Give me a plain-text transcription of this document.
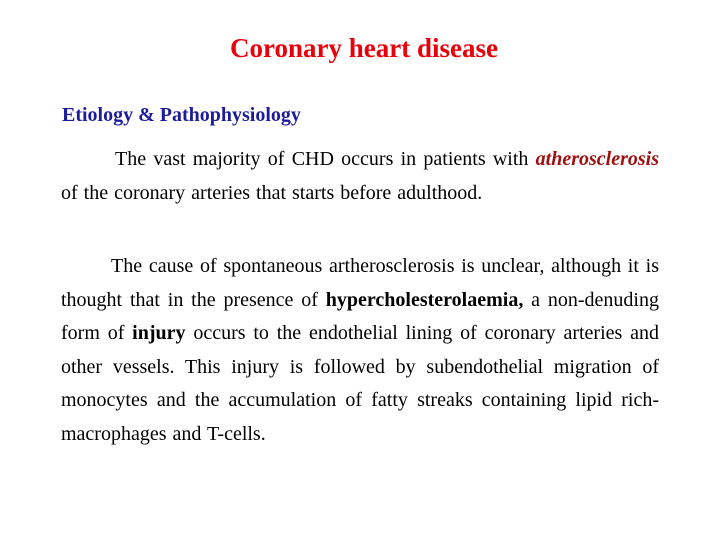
Coronary heart disease
Etiology & Pathophysiology

The vast majority of CHD occurs in patients with atherosclerosis of the coronary arteries that starts before adulthood.

The cause of spontaneous artherosclerosis is unclear, although it is thought that in the presence of hypercholesterolaemia, a non-denuding form of injury occurs to the endothelial lining of coronary arteries and other vessels. This injury is followed by subendothelial migration of monocytes and the accumulation of fatty streaks containing lipid rich- macrophages and T-cells.
